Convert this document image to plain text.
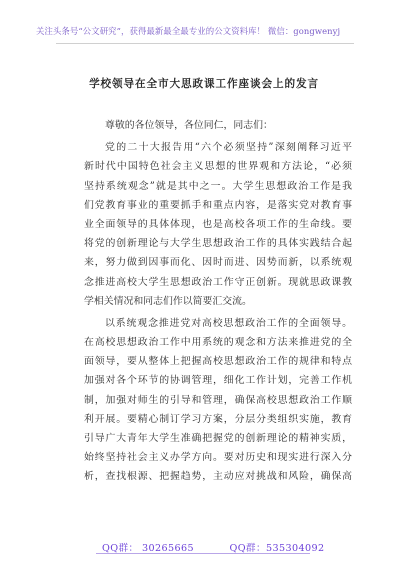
关注头条号“公文研究”，获得最新最全最专业的公文资料库！ 微信：gongwenyj
学校领导在全市大思政课工作座谈会上的发言
尊敬的各位领导，各位同仁，同志们：
党的二十大报告用“六个必须坚持”深刻阐释习近平
新时代中国特色社会主义思想的世界观和方法论，“必须
坚持系统观念”就是其中之一。大学生思想政治工作是我
们党教育事业的重要抓手和重点内容，是落实党对教育事
业全面领导的具体体现，也是高校各项工作的生命线。要
将党的创新理论与大学生思想政治工作的具体实践结合起
来，努力做到因事而化、因时而进、因势而新，以系统观
念推进高校大学生思想政治工作守正创新。现就思政课教
学相关情况和同志们作以简要汇交流。
以系统观念推进党对高校思想政治工作的全面领导。
在高校思想政治工作中用系统的观念和方法来推进党的全
面领导，要从整体上把握高校思想政治工作的规律和特点
加强对各个环节的协调管理，细化工作计划，完善工作机
制，加强对师生的引导和管理，确保高校思想政治工作顺
利开展。要精心制订学习方案，分层分类组织实施，教育
引导广大青年大学生准确把握党的创新理论的精神实质，
始终坚持社会主义办学方向。要对历史和现实进行深入分
析，查找根源、把握趋势，主动应对挑战和风险，确保高
QQ群： 30265665	QQ群：535304092
